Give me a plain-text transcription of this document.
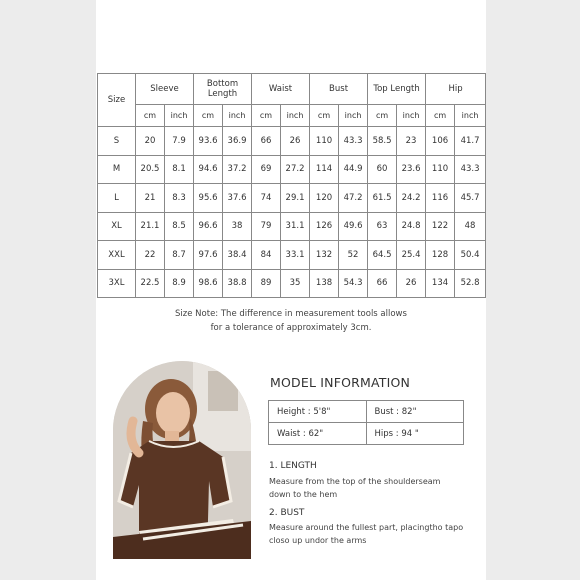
Size	Sleeve		Bottom Length		Waist		Bust		Top Length		Hip	
	cm	inch	cm	inch	cm	inch	cm	inch	cm	inch	cm	inch
S	20	7.9	93.6	36.9	66	26	110	43.3	58.5	23	106	41.7
M	20.5	8.1	94.6	37.2	69	27.2	114	44.9	60	23.6	110	43.3
L	21	8.3	95.6	37.6	74	29.1	120	47.2	61.5	24.2	116	45.7
XL	21.1	8.5	96.6	38	79	31.1	126	49.6	63	24.8	122	48
XXL	22	8.7	97.6	38.4	84	33.1	132	52	64.5	25.4	128	50.4
3XL	22.5	8.9	98.6	38.8	89	35	138	54.3	66	26	134	52.8
Size Note: The difference in measurement tools allows
for a tolerance of approximately 3cm.
MODEL INFORMATION
Height : 5'8"	Bust : 82"
Waist : 62"	Hips : 94 "
1. LENGTH
Measure from the top of the shoulderseam
down to the hem
2. BUST
Measure around the fullest part, placingtho tapo
closo up undor the arms
